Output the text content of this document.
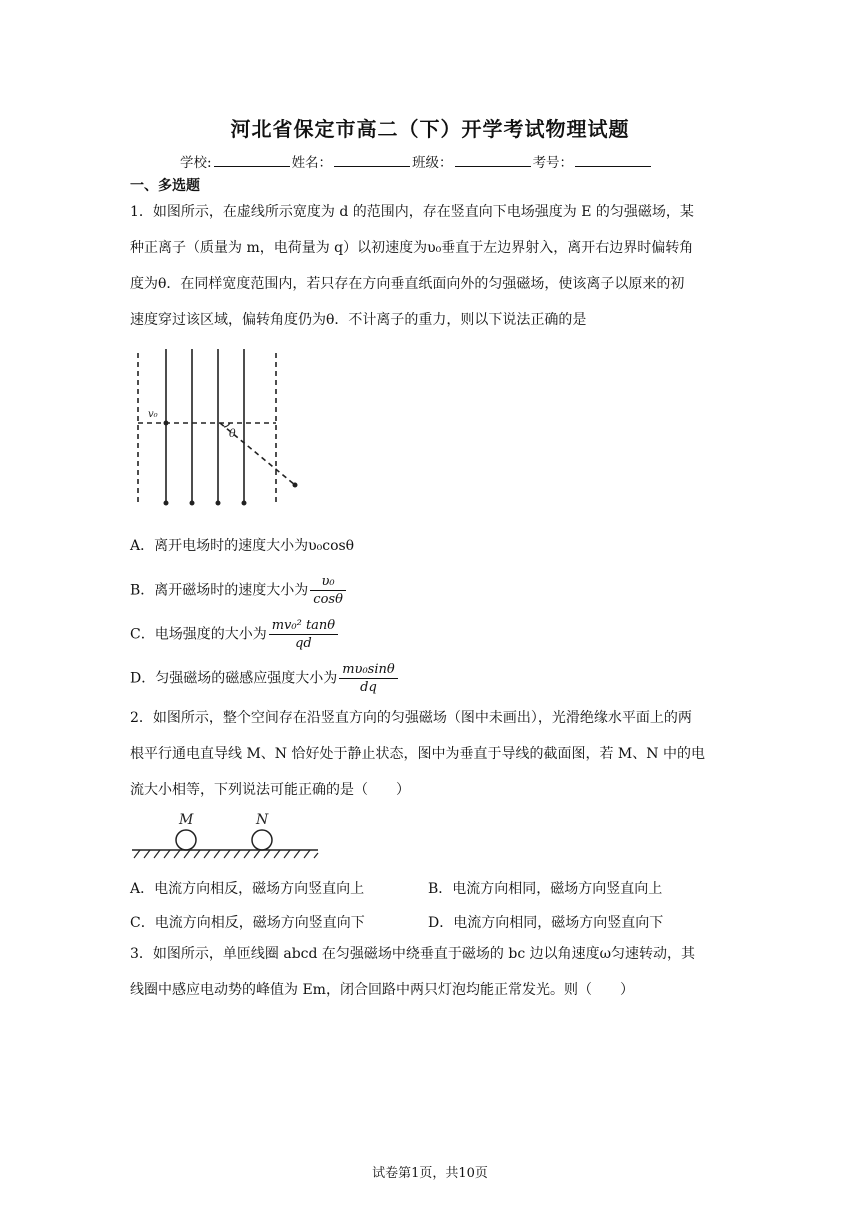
河北省保定市高二（下）开学考试物理试题
学校:	姓名：	班级：	考号：
一、多选题
1．如图所示，在虚线所示宽度为 d 的范围内，存在竖直向下电场强度为 E 的匀强磁场，某
种正离子（质量为 m，电荷量为 q）以初速度为υ₀垂直于左边界射入，离开右边界时偏转角
度为θ．在同样宽度范围内，若只存在方向垂直纸面向外的匀强磁场，使该离子以原来的初
速度穿过该区域，偏转角度仍为θ．不计离子的重力，则以下说法正确的是
v₀
θ
A．离开电场时的速度大小为υ₀cosθ
B．离开磁场时的速度大小为 $\frac{\text{υ₀}}{\cos\theta}$
C．电场强度的大小为 $\frac{\text{mv₀² tanθ}}{qd}$
D．匀强磁场的磁感应强度大小为 $\frac{\text{mυ₀sinθ}}{dq}$
2．如图所示，整个空间存在沿竖直方向的匀强磁场（图中未画出），光滑绝缘水平面上的两
根平行通电直导线 M、N 恰好处于静止状态，图中为垂直于导线的截面图，若 M、N 中的电
流大小相等，下列说法可能正确的是（　　）
M	N
A．电流方向相反，磁场方向竖直向上	B．电流方向相同，磁场方向竖直向上
C．电流方向相反，磁场方向竖直向下	D．电流方向相同，磁场方向竖直向下
3．如图所示，单匝线圈 abcd 在匀强磁场中绕垂直于磁场的 bc 边以角速度ω匀速转动，其
线圈中感应电动势的峰值为 Em，闭合回路中两只灯泡均能正常发光。则（　　）
试卷第1页，共10页
